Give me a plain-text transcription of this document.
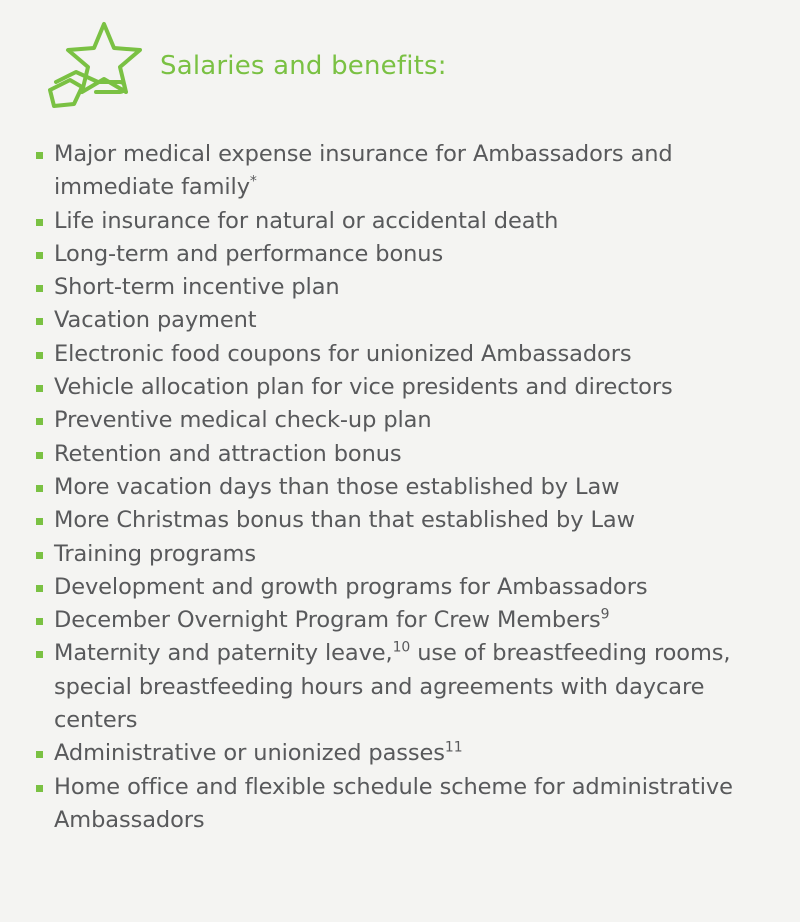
Salaries and benefits:
Major medical expense insurance for Ambassadors and immediate family*
Life insurance for natural or accidental death
Long-term and performance bonus
Short-term incentive plan
Vacation payment
Electronic food coupons for unionized Ambassadors
Vehicle allocation plan for vice presidents and directors
Preventive medical check-up plan
Retention and attraction bonus
More vacation days than those established by Law
More Christmas bonus than that established by Law
Training programs
Development and growth programs for Ambassadors
December Overnight Program for Crew Members$^9$
Maternity and paternity leave,$^{10}$ use of breastfeeding rooms, special breastfeeding hours and agreements with daycare centers
Administrative or unionized passes$^{11}$
Home office and flexible schedule scheme for administrative Ambassadors
